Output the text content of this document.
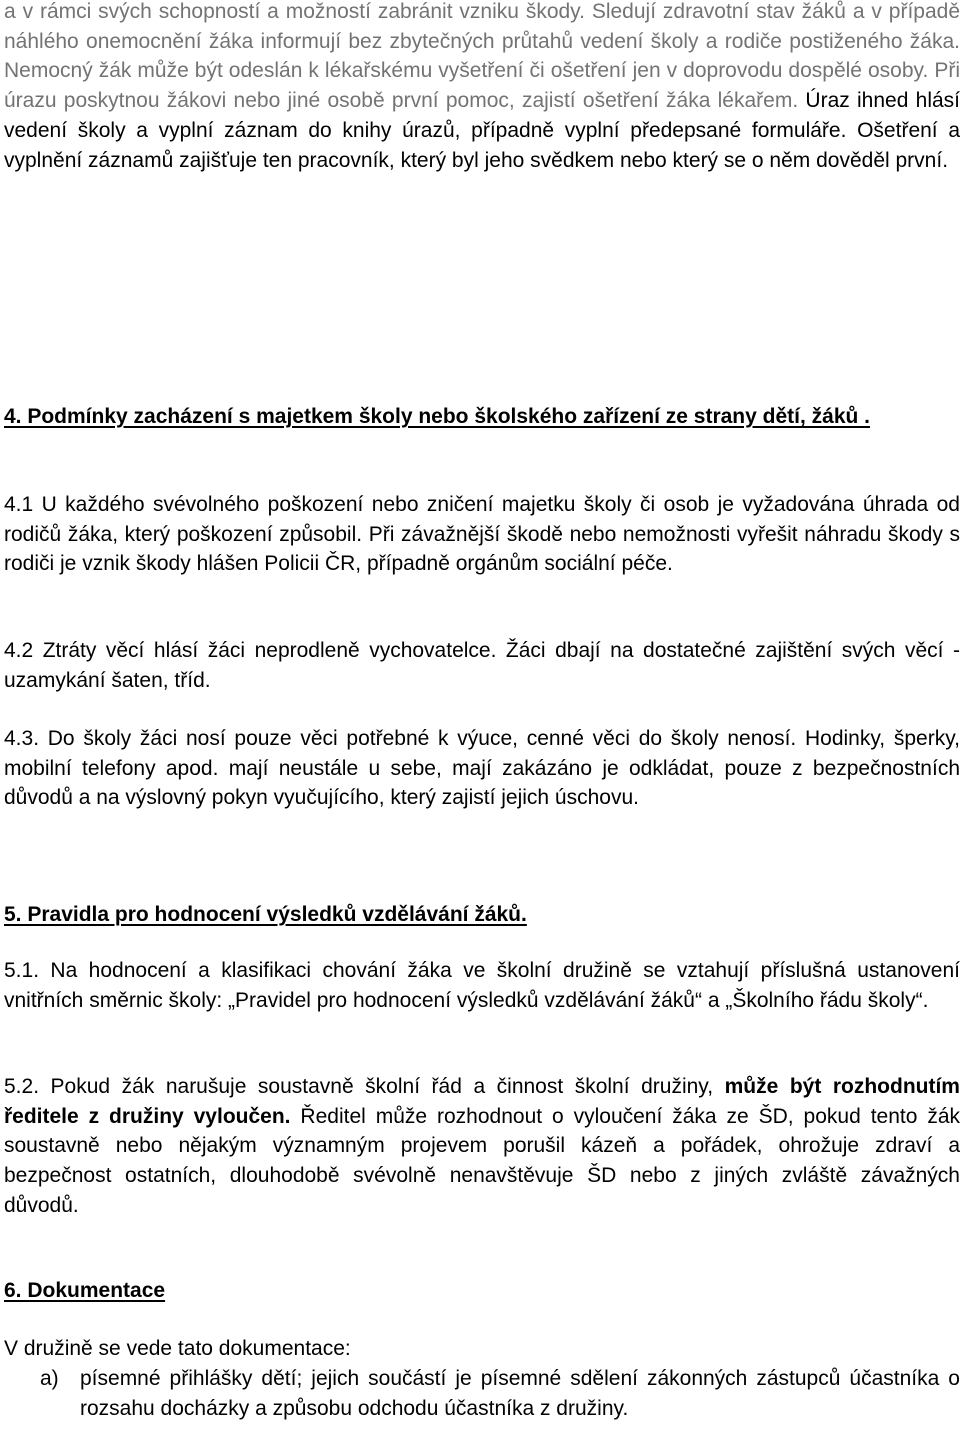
a v rámci svých schopností a možností zabránit vzniku škody. Sledují zdravotní stav žáků a v případě náhlého onemocnění žáka informují bez zbytečných průtahů vedení školy a rodiče postiženého žáka. Nemocný žák může být odeslán k lékařskému vyšetření či ošetření jen v doprovodu dospělé osoby. Při úrazu poskytnou žákovi nebo jiné osobě první pomoc, zajistí ošetření žáka lékařem. Úraz ihned hlásí vedení školy a vyplní záznam do knihy úrazů, případně vyplní předepsané formuláře. Ošetření a vyplnění záznamů zajišťuje ten pracovník, který byl jeho svědkem nebo který se o něm dověděl první.

4. Podmínky zacházení s majetkem školy nebo školského zařízení ze strany dětí, žáků .

4.1 U každého svévolného poškození nebo zničení majetku školy či osob je vyžadována úhrada od rodičů žáka, který poškození způsobil. Při závažnější škodě nebo nemožnosti vyřešit náhradu škody s rodiči je vznik škody hlášen Policii ČR, případně orgánům sociální péče.

4.2 Ztráty věcí hlásí žáci neprodleně vychovatelce. Žáci dbají na dostatečné zajištění svých věcí - uzamykání šaten, tříd.

4.3. Do školy žáci nosí pouze věci potřebné k výuce, cenné věci do školy nenosí. Hodinky, šperky, mobilní telefony apod. mají neustále u sebe, mají zakázáno je odkládat, pouze z bezpečnostních důvodů a na výslovný pokyn vyučujícího, který zajistí jejich úschovu.

5. Pravidla pro hodnocení výsledků vzdělávání žáků.

5.1. Na hodnocení a klasifikaci chování žáka ve školní družině se vztahují příslušná ustanovení vnitřních směrnic školy: „Pravidel pro hodnocení výsledků vzdělávání žáků“ a „Školního řádu školy“.

5.2. Pokud žák narušuje soustavně školní řád a činnost školní družiny, může být rozhodnutím ředitele z družiny vyloučen. Ředitel může rozhodnout o vyloučení žáka ze ŠD, pokud tento žák soustavně nebo nějakým významným projevem porušil kázeň a pořádek, ohrožuje zdraví a bezpečnost ostatních, dlouhodobě svévolně nenavštěvuje ŠD nebo z jiných zvláště závažných důvodů.

6. Dokumentace

V družině se vede tato dokumentace:

a) písemné přihlášky dětí; jejich součástí je písemné sdělení zákonných zástupců účastníka o rozsahu docházky a způsobu odchodu účastníka z družiny.
